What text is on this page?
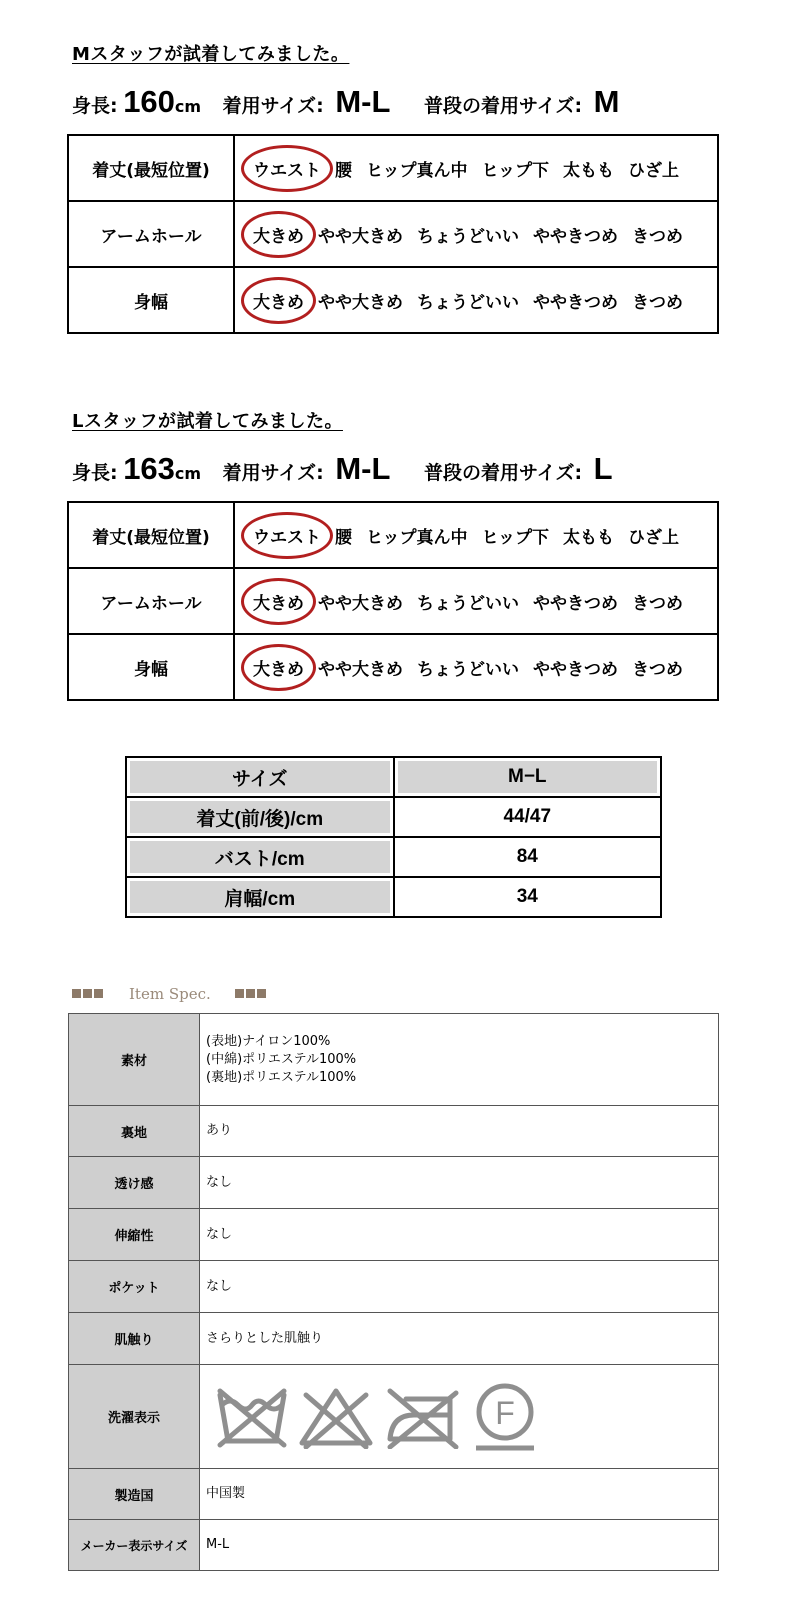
Mスタッフが試着してみました。
身長: 160cm 着用サイズ: M-L 普段の着用サイズ: M
着丈(最短位置)	ウエスト 腰 ヒップ真ん中 ヒップ下 太もも ひざ上
アームホール	大きめ やや大きめ ちょうどいい ややきつめ きつめ
身幅	大きめ やや大きめ ちょうどいい ややきつめ きつめ
Lスタッフが試着してみました。
身長: 163cm 着用サイズ: M-L 普段の着用サイズ: L
着丈(最短位置)	ウエスト 腰 ヒップ真ん中 ヒップ下 太もも ひざ上
アームホール	大きめ やや大きめ ちょうどいい ややきつめ きつめ
身幅	大きめ やや大きめ ちょうどいい ややきつめ きつめ
サイズ	M−L
着丈(前/後)/cm	44/47
バスト/cm	84
肩幅/cm	34
Item Spec.
素材	(表地)ナイロン100%
(中綿)ポリエステル100%
(裏地)ポリエステル100%

裏地	あり
透け感	なし
伸縮性	なし
ポケット	なし
肌触り	さらりとした肌触り
洗濯表示	F

製造国	中国製
メーカー表示サイズ	M-L
